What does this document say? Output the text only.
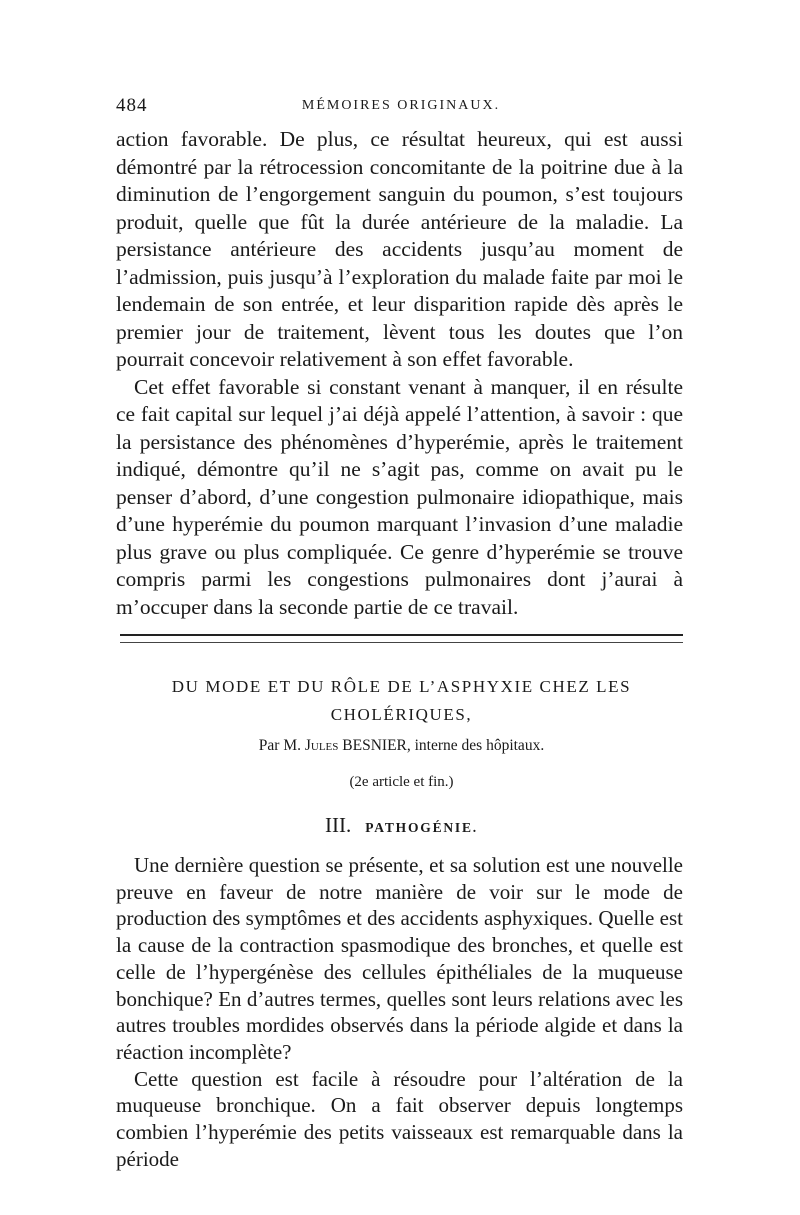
484	MÉMOIRES ORIGINAUX.

action favorable. De plus, ce résultat heureux, qui est aussi démontré par la rétrocession concomitante de la poitrine due à la diminution de l’engorgement sanguin du poumon, s’est toujours produit, quelle que fût la durée antérieure de la maladie. La persistance antérieure des accidents jusqu’au moment de l’admission, puis jusqu’à l’exploration du malade faite par moi le lendemain de son entrée, et leur disparition rapide dès après le premier jour de traitement, lèvent tous les doutes que l’on pourrait concevoir relativement à son effet favorable.

Cet effet favorable si constant venant à manquer, il en résulte ce fait capital sur lequel j’ai déjà appelé l’attention, à savoir : que la persistance des phénomènes d’hyperémie, après le traitement indiqué, démontre qu’il ne s’agit pas, comme on avait pu le penser d’abord, d’une congestion pulmonaire idiopathique, mais d’une hyperémie du poumon marquant l’invasion d’une maladie plus grave ou plus compliquée. Ce genre d’hyperémie se trouve compris parmi les congestions pulmonaires dont j’aurai à m’occuper dans la seconde partie de ce travail.

DU MODE ET DU RÔLE DE L’ASPHYXIE CHEZ LES CHOLÉRIQUES,
Par M. Jules BESNIER, interne des hôpitaux.
(2e article et fin.)
III. PATHOGÉNIE.

Une dernière question se présente, et sa solution est une nouvelle preuve en faveur de notre manière de voir sur le mode de production des symptômes et des accidents asphyxiques. Quelle est la cause de la contraction spasmodique des bronches, et quelle est celle de l’hypergénèse des cellules épithéliales de la muqueuse bonchique? En d’autres termes, quelles sont leurs relations avec les autres troubles mordides observés dans la période algide et dans la réaction incomplète?

Cette question est facile à résoudre pour l’altération de la muqueuse bronchique. On a fait observer depuis longtemps combien l’hyperémie des petits vaisseaux est remarquable dans la période
